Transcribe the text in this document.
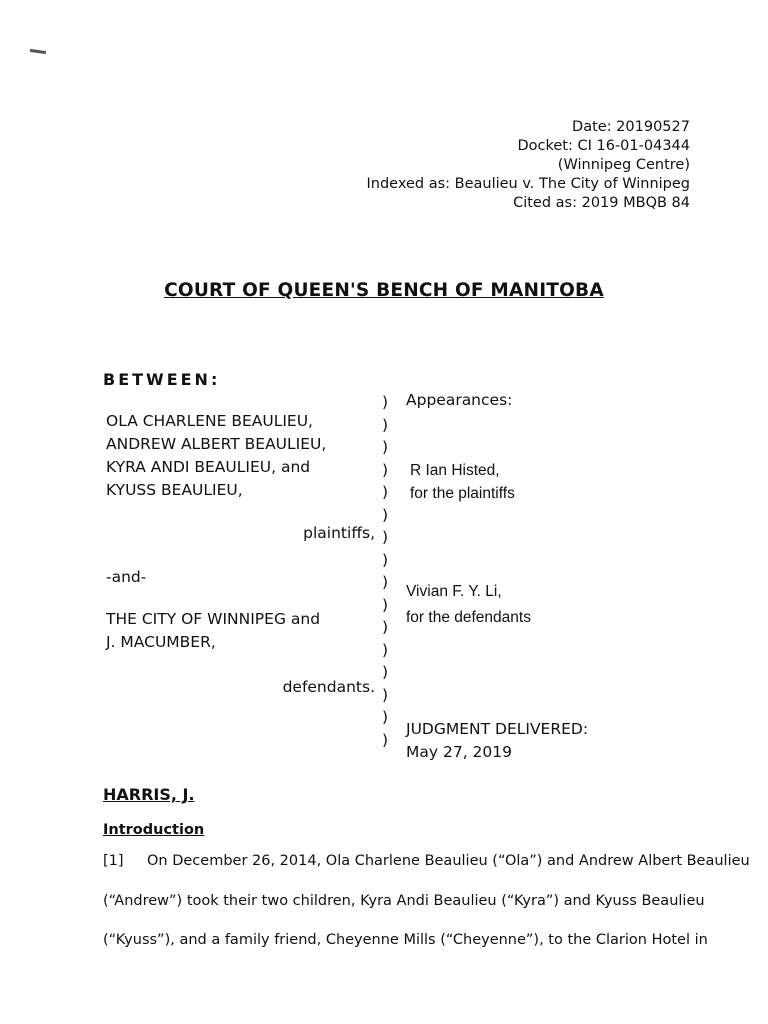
Date: 20190527
Docket: CI 16-01-04344
(Winnipeg Centre)
Indexed as: Beaulieu v. The City of Winnipeg
Cited as: 2019 MBQB 84
COURT OF QUEEN'S BENCH OF MANITOBA
BETWEEN:
OLA CHARLENE BEAULIEU,
ANDREW ALBERT BEAULIEU,
KYRA ANDI BEAULIEU, and
KYUSS BEAULIEU,
plaintiffs,
-and-
THE CITY OF WINNIPEG and
J. MACUMBER,
defendants.
)
)
)
)
)
)
)
)
)
)
)
)
)
)
)
)
Appearances:
R Ian Histed,
for the plaintiffs
Vivian F. Y. Li,
for the defendants
JUDGMENT DELIVERED:
May 27, 2019
HARRIS, J.
Introduction
[1] On December 26, 2014, Ola Charlene Beaulieu (“Ola”) and Andrew Albert Beaulieu
(“Andrew”) took their two children, Kyra Andi Beaulieu (“Kyra”) and Kyuss Beaulieu
(“Kyuss”), and a family friend, Cheyenne Mills (“Cheyenne”), to the Clarion Hotel in
